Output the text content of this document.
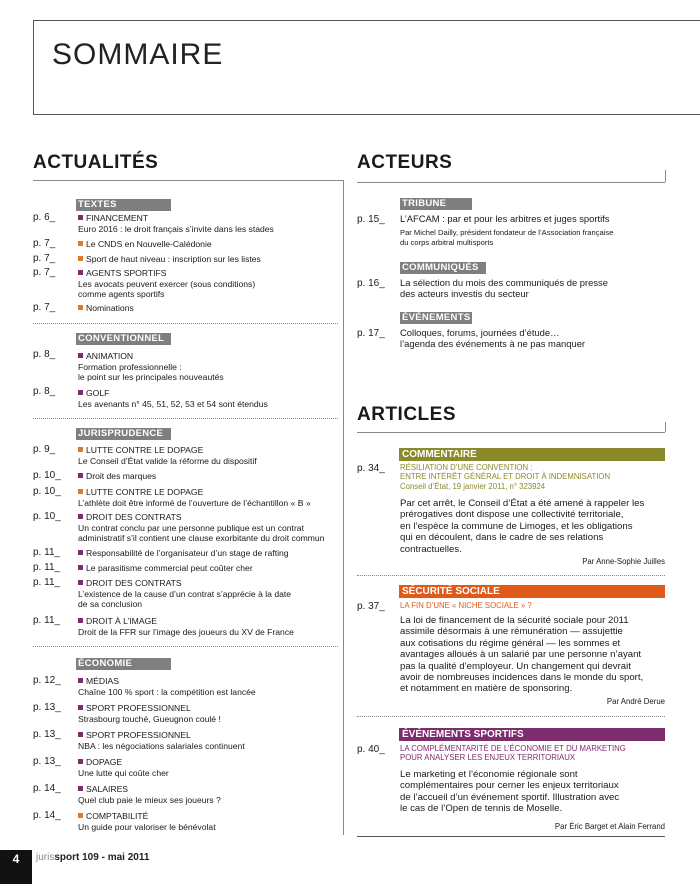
SOMMAIRE
ACTUALITÉS	ACTEURS
ARTICLES
TEXTES
p. 6_	FINANCEMENT
Euro 2016 : le droit français s’invite dans les stades
p. 7_	Le CNDS en Nouvelle-Calédonie
p. 7_	Sport de haut niveau : inscription sur les listes
p. 7_	AGENTS SPORTIFS
Les avocats peuvent exercer (sous conditions)
comme agents sportifs
p. 7_	Nominations
CONVENTIONNEL
p. 8_	ANIMATION
Formation professionnelle :
le point sur les principales nouveautés
p. 8_	GOLF
Les avenants n° 45, 51, 52, 53 et 54 sont étendus
JURISPRUDENCE
p. 9_	LUTTE CONTRE LE DOPAGE
Le Conseil d’État valide la réforme du dispositif
p. 10_	Droit des marques
p. 10_	LUTTE CONTRE LE DOPAGE
L’athlète doit être informé de l’ouverture de l’échantillon « B »
p. 10_	DROIT DES CONTRATS
Un contrat conclu par une personne publique est un contrat
administratif s’il contient une clause exorbitante du droit commun
p. 11_	Responsabilité de l’organisateur d’un stage de rafting
p. 11_	Le parasitisme commercial peut coûter cher
p. 11_	DROIT DES CONTRATS
L’existence de la cause d’un contrat s’apprécie à la date
de sa conclusion
p. 11_	DROIT À L’IMAGE
Droit de la FFR sur l’image des joueurs du XV de France
ÉCONOMIE
p. 12_	MÉDIAS
Chaîne 100 % sport : la compétition est lancée
p. 13_	SPORT PROFESSIONNEL
Strasbourg touché, Gueugnon coulé !
p. 13_	SPORT PROFESSIONNEL
NBA : les négociations salariales continuent
p. 13_	DOPAGE
Une lutte qui coûte cher
p. 14_	SALAIRES
Quel club paie le mieux ses joueurs ?
p. 14_	COMPTABILITÉ
Un guide pour valoriser le bénévolat
TRIBUNE
p. 15_ L’AFCAM : par et pour les arbitres et juges sportifs
Par Michel Dailly, président fondateur de l’Association française
du corps arbitral multisports
COMMUNIQUÉS
p. 16_ La sélection du mois des communiqués de presse
des acteurs investis du secteur
ÉVÉNEMENTS
p. 17_ Colloques, forums, journées d’étude…
l’agenda des événements à ne pas manquer
COMMENTAIRE
p. 34_ RÉSILIATION D’UNE CONVENTION :
ENTRE INTÉRÊT GÉNÉRAL ET DROIT À INDEMNISATION
Conseil d’État, 19 janvier 2011, n° 323924
Par cet arrêt, le Conseil d’État a été amené à rappeler les
prérogatives dont dispose une collectivité territoriale,
en l’espèce la commune de Limoges, et les obligations
qui en découlent, dans le cadre de ses relations
contractuelles.
Par Anne-Sophie Juilles
SÉCURITÉ SOCIALE
p. 37_ LA FIN D’UNE « NICHE SOCIALE » ?
La loi de financement de la sécurité sociale pour 2011
assimile désormais à une rémunération — assujettie
aux cotisations du régime général — les sommes et
avantages alloués à un salarié par une personne n’ayant
pas la qualité d’employeur. Un changement qui devrait
avoir de nombreuses incidences dans le monde du sport,
et notamment en matière de sponsoring.
Par André Derue
ÉVÉNEMENTS SPORTIFS
p. 40_ LA COMPLÉMENTARITÉ DE L’ÉCONOMIE ET DU MARKETING
POUR ANALYSER LES ENJEUX TERRITORIAUX
Le marketing et l’économie régionale sont
complémentaires pour cerner les enjeux territoriaux
de l’accueil d’un événement sportif. Illustration avec
le cas de l’Open de tennis de Moselle.
Par Éric Barget et Alain Ferrand
4	jurissport 109 - mai 2011
